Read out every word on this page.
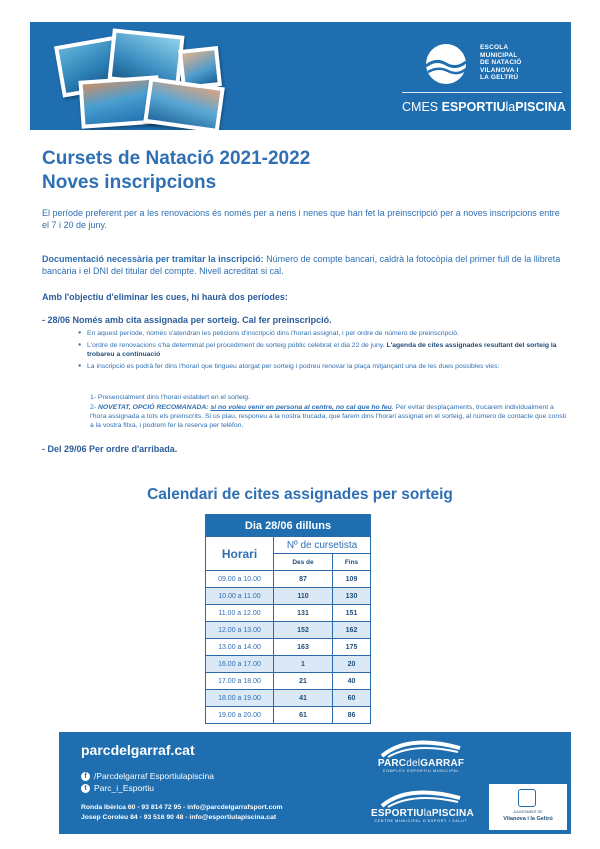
ESCOLA
MUNICIPAL
DE NATACIÓ
VILANOVA I
LA GELTRÚ
CMES ESPORTIUlaPISCINA
Cursets de Natació 2021-2022
Noves inscripcions
El període preferent per a les renovacions és només per a nens i nenes que han fet la preinscripció per a noves inscripcions entre el 7 i 20 de juny.
Documentació necessària per tramitar la inscripció: Número de compte bancari, caldrà la fotocòpia del primer full de la llibreta bancària i el DNI del titular del compte. Nivell acreditat si cal.
Amb l'objectiu d'eliminar les cues, hi haurà dos períodes:
- 28/06 Només amb cita assignada per sorteig. Cal fer preinscripció.
● En aquest període, només s'atendran les peticions d'inscripció dins l'horari assignat, i per ordre de número de preinscripció.
● L'ordre de renovacions s'ha determinat pel procediment de sorteig públic celebrat el dia 22 de juny. L'agenda de cites assignades resultant del sorteig la trobareu a continuació
● La inscripció es podrà fer dins l'horari que tingueu atorgat per sorteig i podreu renovar la plaça mitjançant una de les dues possibles vies:
1- Presencialment dins l'horari establert en el sorteig.
2- NOVETAT, OPCIÓ RECOMANADA: si no voleu venir en persona al centre, no cal que ho feu. Per evitar desplaçaments, trucarem individualment a l'hora assignada a tots els preinscrits. Si us plau, responeu a la nostra trucada, que farem dins l'horari assignat en el sorteig, al número de contacte que consti a la vostra fitxa, i podrem fer la reserva per telèfon.
- Del 29/06 Per ordre d'arribada.
Calendari de cites assignades per sorteig
Dia 28/06 dilluns		
Horari	Nº de cursetista	
	Des de	Fins
09.00 a 10.00	87	109
10.00 a 11.00	110	130
11.00 a 12.00	131	151
12.00 a 13.00	152	162
13.00 a 14.00	163	175
16.00 a 17.00	1	20
17.00 a 18.00	21	40
18.00 a 19.00	41	60
19.00 a 20.00	61	86
parcdelgarraf.cat
f /Parcdelgarraf Esportiulapiscina
t Parc_i_Esportiu
Ronda Ibèrica 60 - 93 814 72 95 - info@parcdelgarrafsport.com
Josep Coroleu 84 - 93 516 90 48 - info@esportiulapiscina.cat
PARCdelGARRAF
COMPLEX ESPORTIU MUNICIPAL
ESPORTIUlaPISCINA
CENTRE MUNICIPAL D'ESPORT I SALUT
AJUNTAMENT DE
Vilanova i la Geltrú
